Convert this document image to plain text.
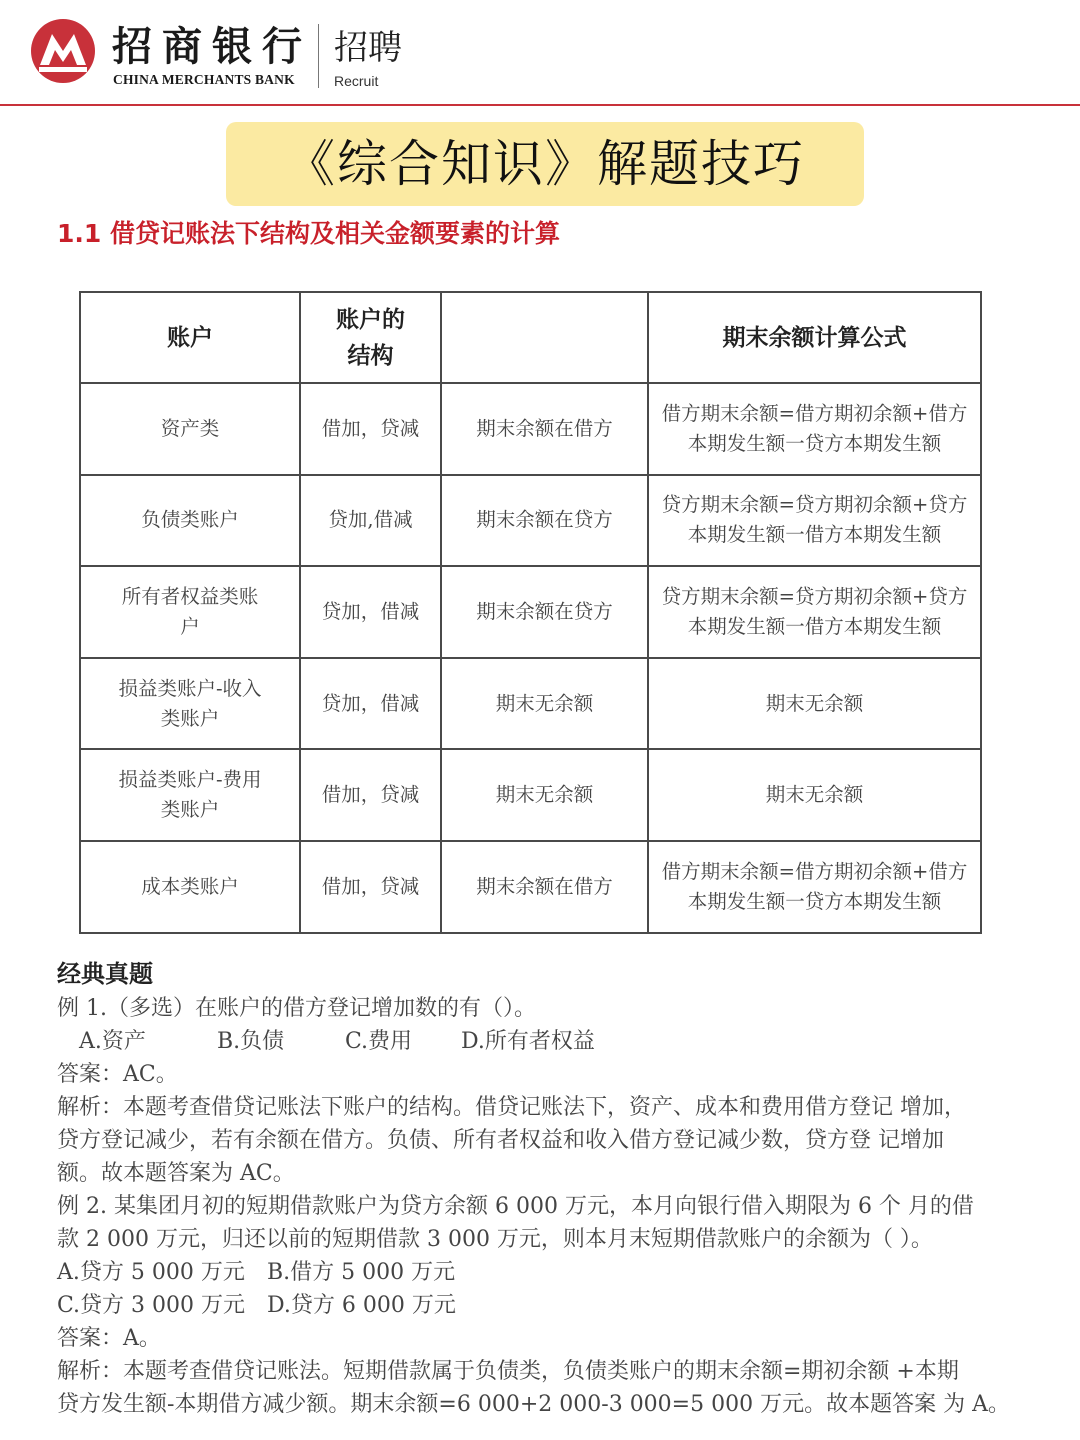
招商银行
CHINA MERCHANTS BANK
招聘
Recruit
《综合知识》解题技巧
1.1 借贷记账法下结构及相关金额要素的计算
账户	账户的
结构		期末余额计算公式
资产类	借加，贷减	期末余额在借方	借方期末余额=借方期初余额+借方
本期发生额一贷方本期发生额
负债类账户	贷加,借减	期末余额在贷方	贷方期末余额=贷方期初余额+贷方
本期发生额一借方本期发生额
所有者权益类账
户	贷加，借减	期末余额在贷方	贷方期末余额=贷方期初余额+贷方
本期发生额一借方本期发生额
损益类账户-收入
类账户	贷加，借减	期末无余额	期末无余额
损益类账户-费用
类账户	借加，贷减	期末无余额	期末无余额
成本类账户	借加，贷减	期末余额在借方	借方期末余额=借方期初余额+借方
本期发生额一贷方本期发生额

经典真题

例 1.（多选）在账户的借方登记增加数的有（）。

A.资产	B.负债	C.费用 D.所有者权益

答案：AC。

解析：本题考查借贷记账法下账户的结构。借贷记账法下，资产、成本和费用借方登记 增加，

贷方登记减少，若有余额在借方。负债、所有者权益和收入借方登记减少数，贷方登 记增加

额。故本题答案为 AC。

例 2. 某集团月初的短期借款账户为贷方余额 6 000 万元，本月向银行借入期限为 6 个 月的借

款 2 000 万元，归还以前的短期借款 3 000 万元，则本月末短期借款账户的余额为（ ）。

A.贷方 5 000 万元 B.借方 5 000 万元

C.贷方 3 000 万元 D.贷方 6 000 万元

答案：A。

解析：本题考查借贷记账法。短期借款属于负债类，负债类账户的期末余额=期初余额 +本期

贷方发生额-本期借方减少额。期末余额=6 000+2 000-3 000=5 000 万元。故本题答案 为 A。
